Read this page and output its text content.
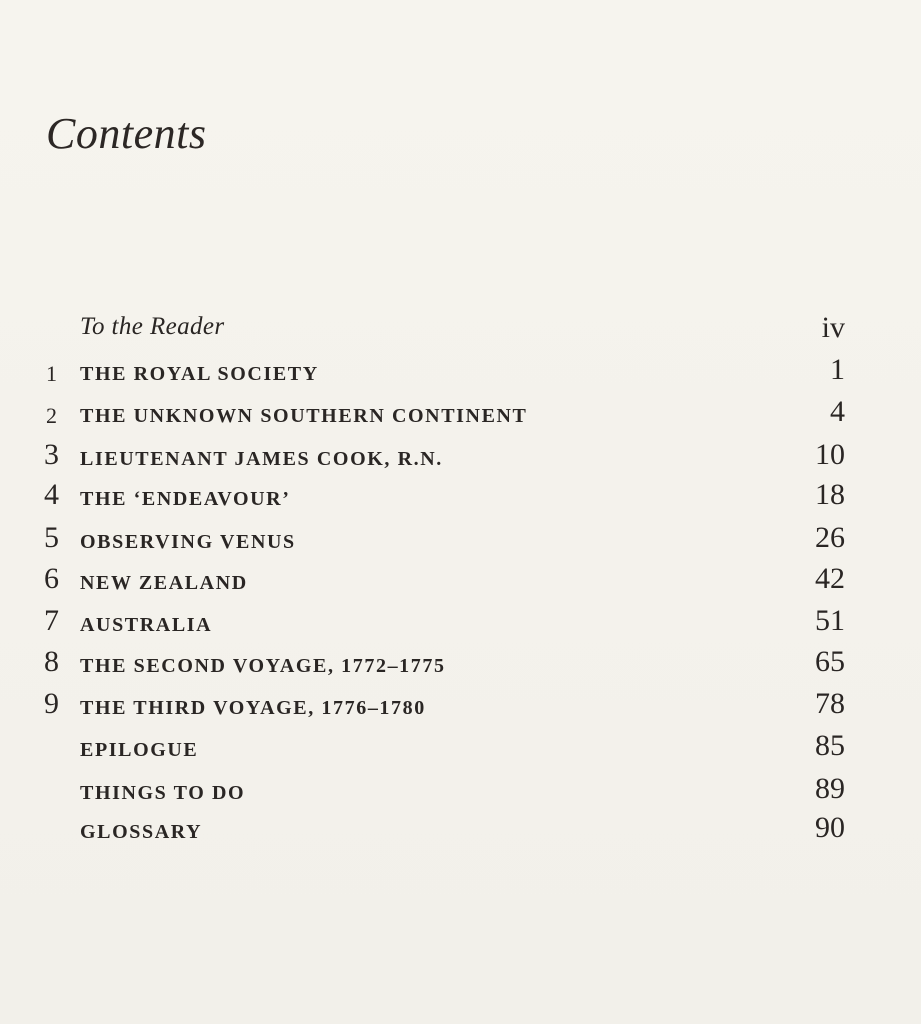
Contents
To the Reader	iv
1 THE ROYAL SOCIETY	1
2 THE UNKNOWN SOUTHERN CONTINENT	4
3 LIEUTENANT JAMES COOK, R.N.	10
4 THE ‘ENDEAVOUR’	18
5 OBSERVING VENUS	26
6 NEW ZEALAND	42
7 AUSTRALIA	51
8 THE SECOND VOYAGE, 1772–1775	65
9 THE THIRD VOYAGE, 1776–1780	78
EPILOGUE	85
THINGS TO DO	89
GLOSSARY	90
